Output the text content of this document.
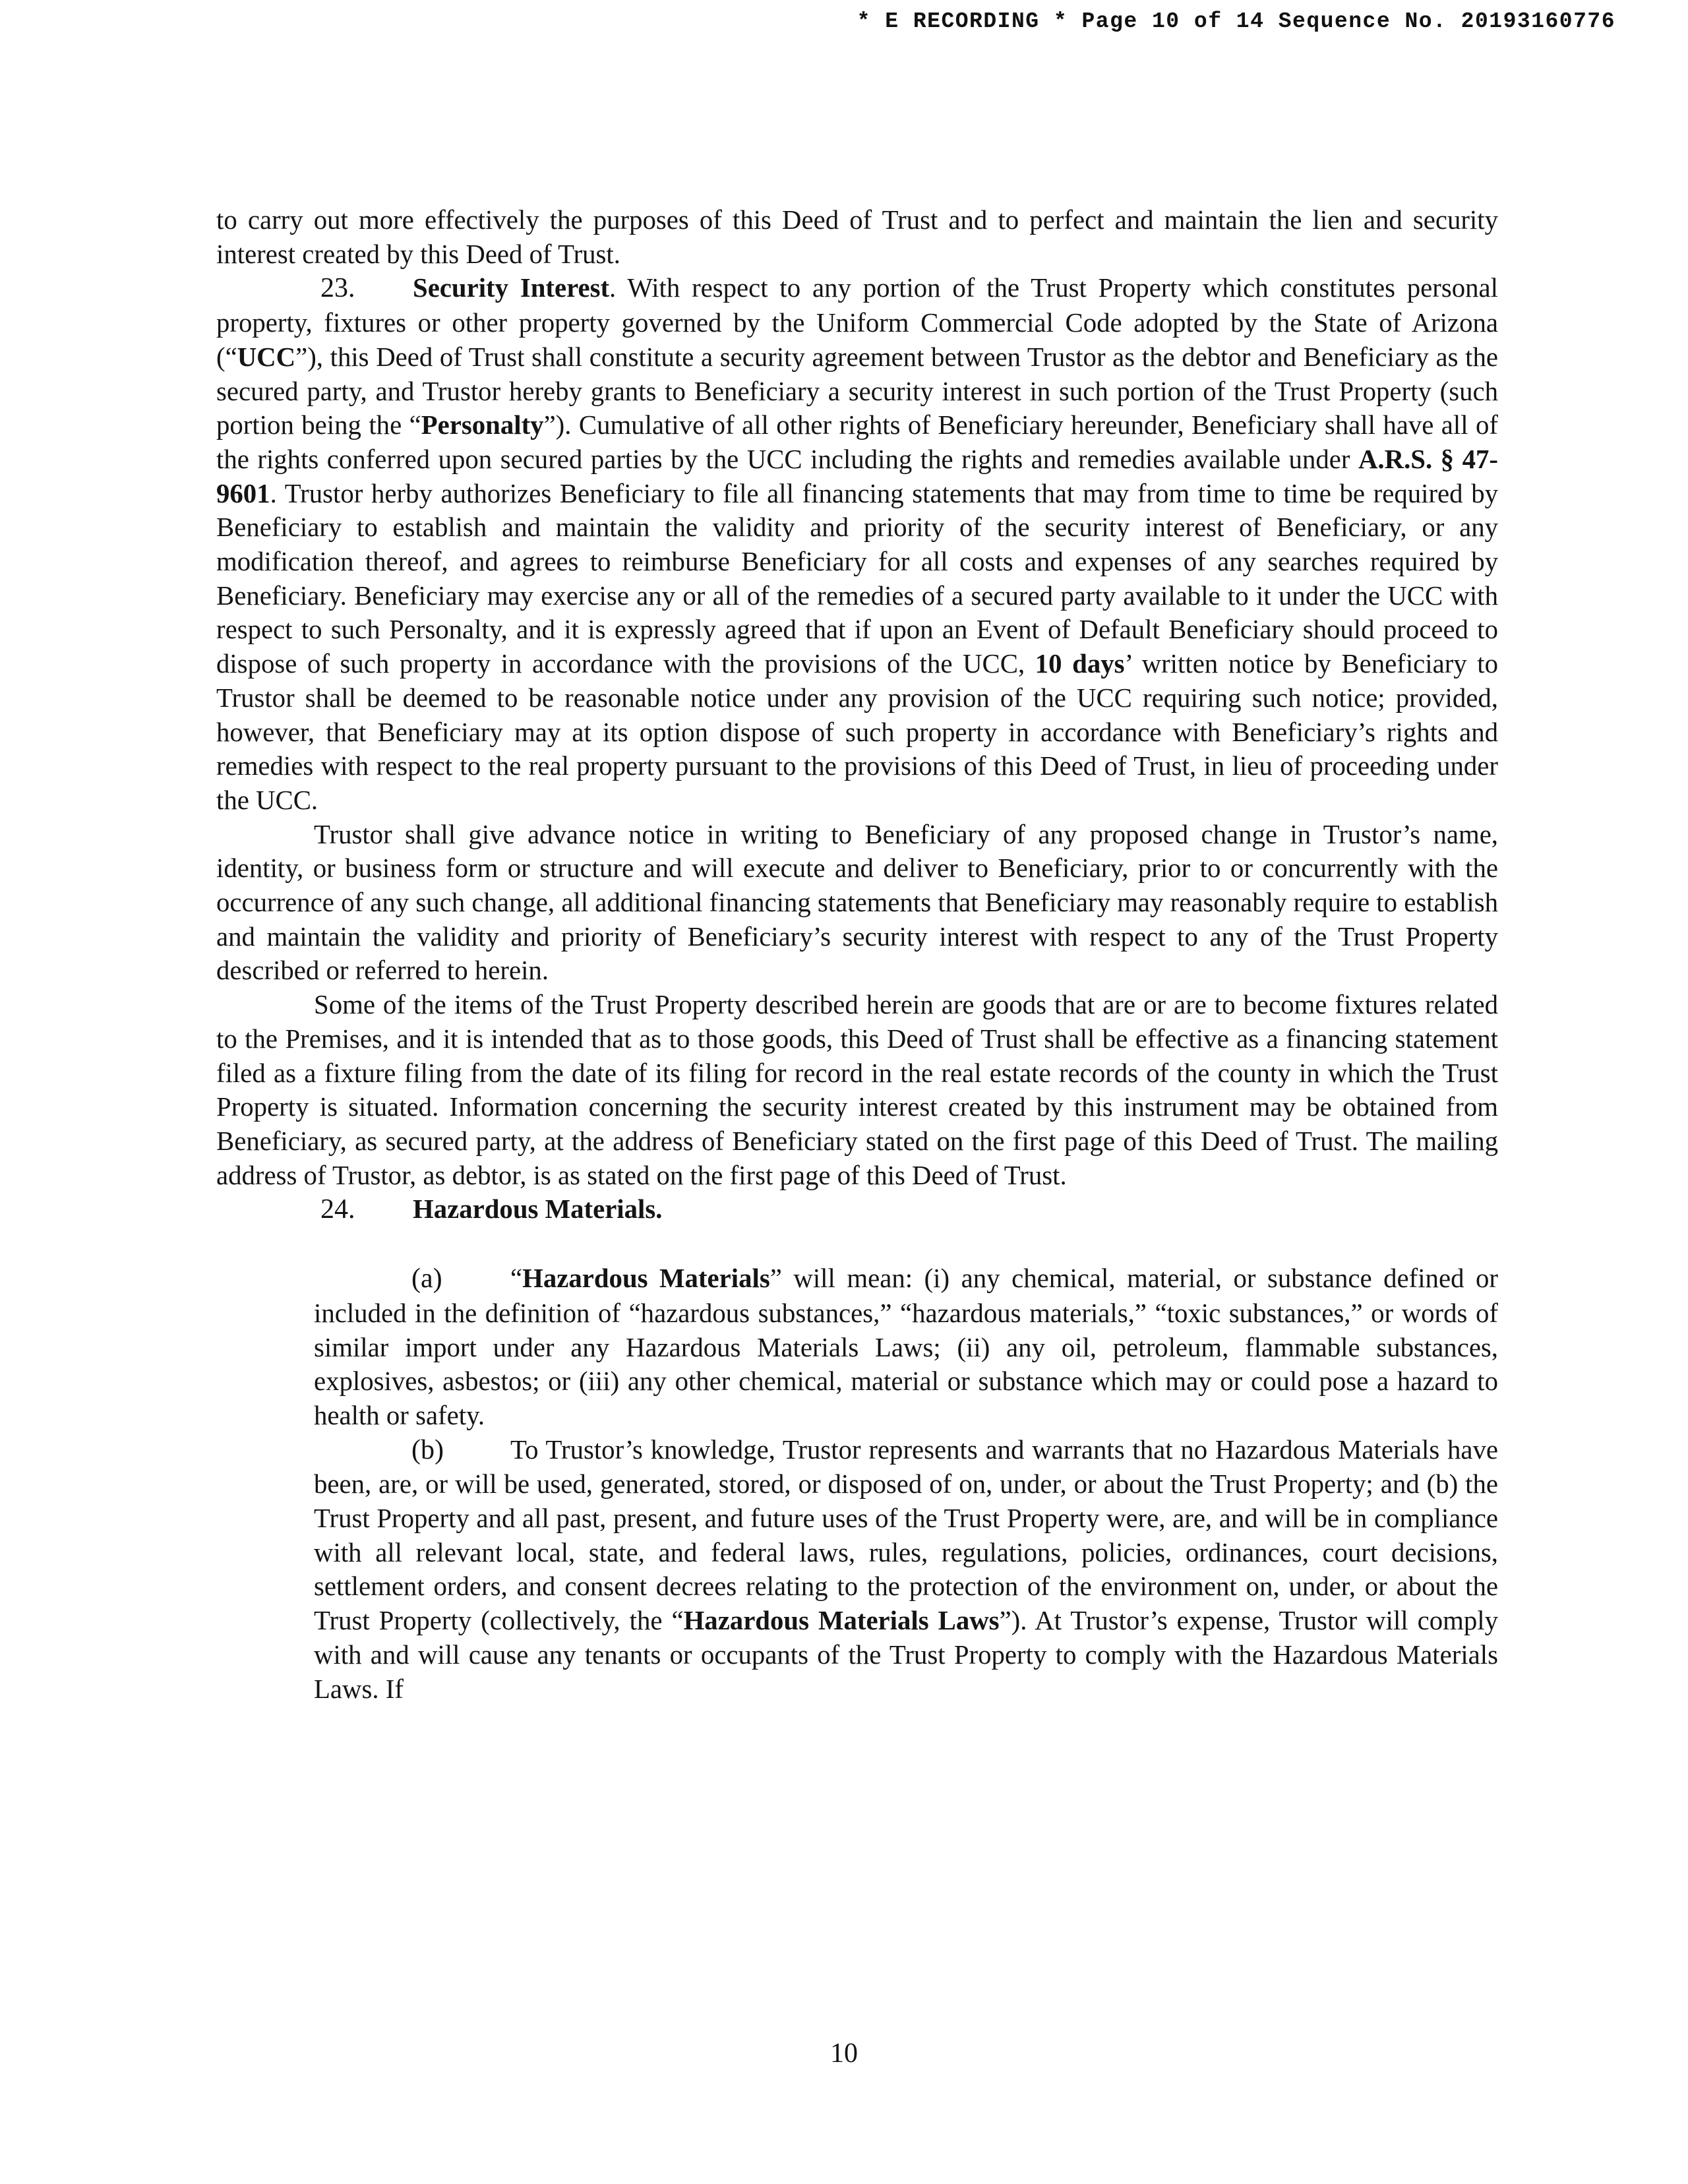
* E RECORDING * Page 10 of 14 Sequence No. 20193160776

to carry out more effectively the purposes of this Deed of Trust and to perfect and maintain the lien and security interest created by this Deed of Trust.

23. Security Interest. With respect to any portion of the Trust Property which constitutes personal property, fixtures or other property governed by the Uniform Commercial Code adopted by the State of Arizona (“UCC”), this Deed of Trust shall constitute a security agreement between Trustor as the debtor and Beneficiary as the secured party, and Trustor hereby grants to Beneficiary a security interest in such portion of the Trust Property (such portion being the “Personalty”). Cumulative of all other rights of Beneficiary hereunder, Beneficiary shall have all of the rights conferred upon secured parties by the UCC including the rights and remedies available under A.R.S. § 47-9601. Trustor herby authorizes Beneficiary to file all financing statements that may from time to time be required by Beneficiary to establish and maintain the validity and priority of the security interest of Beneficiary, or any modification thereof, and agrees to reimburse Beneficiary for all costs and expenses of any searches required by Beneficiary. Beneficiary may exercise any or all of the remedies of a secured party available to it under the UCC with respect to such Personalty, and it is expressly agreed that if upon an Event of Default Beneficiary should proceed to dispose of such property in accordance with the provisions of the UCC, 10 days’ written notice by Beneficiary to Trustor shall be deemed to be reasonable notice under any provision of the UCC requiring such notice; provided, however, that Beneficiary may at its option dispose of such property in accordance with Beneficiary’s rights and remedies with respect to the real property pursuant to the provisions of this Deed of Trust, in lieu of proceeding under the UCC.

Trustor shall give advance notice in writing to Beneficiary of any proposed change in Trustor’s name, identity, or business form or structure and will execute and deliver to Beneficiary, prior to or concurrently with the occurrence of any such change, all additional financing statements that Beneficiary may reasonably require to establish and maintain the validity and priority of Beneficiary’s security interest with respect to any of the Trust Property described or referred to herein.

Some of the items of the Trust Property described herein are goods that are or are to become fixtures related to the Premises, and it is intended that as to those goods, this Deed of Trust shall be effective as a financing statement filed as a fixture filing from the date of its filing for record in the real estate records of the county in which the Trust Property is situated. Information concerning the security interest created by this instrument may be obtained from Beneficiary, as secured party, at the address of Beneficiary stated on the first page of this Deed of Trust. The mailing address of Trustor, as debtor, is as stated on the first page of this Deed of Trust.

24. Hazardous Materials.

(a)	“Hazardous Materials” will mean: (i) any chemical, material, or substance defined or included in the definition of “hazardous substances,” “hazardous materials,” “toxic substances,” or words of similar import under any Hazardous Materials Laws; (ii) any oil, petroleum, flammable substances, explosives, asbestos; or (iii) any other chemical, material or substance which may or could pose a hazard to health or safety.

(b) To Trustor’s knowledge, Trustor represents and warrants that no Hazardous Materials have been, are, or will be used, generated, stored, or disposed of on, under, or about the Trust Property; and (b) the Trust Property and all past, present, and future uses of the Trust Property were, are, and will be in compliance with all relevant local, state, and federal laws, rules, regulations, policies, ordinances, court decisions, settlement orders, and consent decrees relating to the protection of the environment on, under, or about the Trust Property (collectively, the “Hazardous Materials Laws”). At Trustor’s expense, Trustor will comply with and will cause any tenants or occupants of the Trust Property to comply with the Hazardous Materials Laws. If

10
